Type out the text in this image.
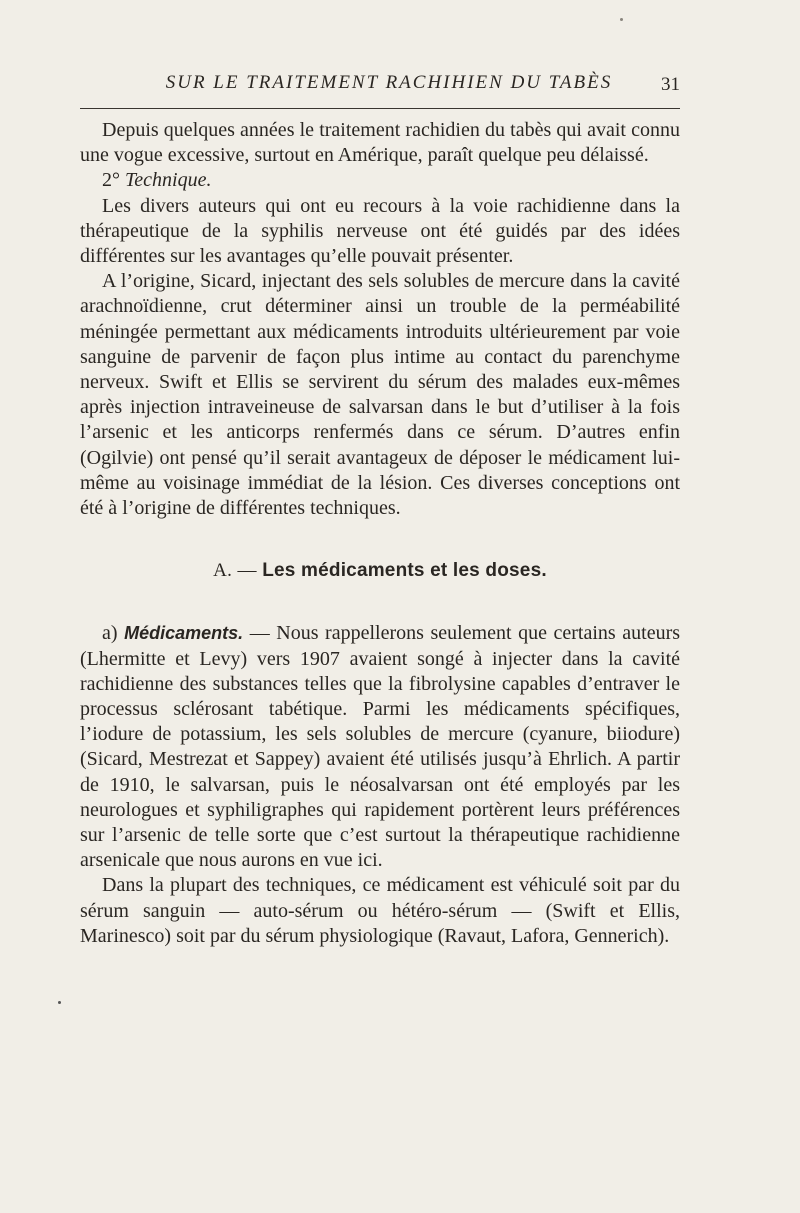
SUR LE TRAITEMENT RACHIHIEN DU TABÈS	31

Depuis quelques années le traitement rachidien du tabès qui avait connu une vogue excessive, surtout en Amérique, paraît quelque peu délaissé.

2° Technique.

Les divers auteurs qui ont eu recours à la voie rachidienne dans la thérapeutique de la syphilis nerveuse ont été guidés par des idées différentes sur les avantages qu’elle pouvait présenter.

A l’origine, Sicard, injectant des sels solubles de mercure dans la cavité arachnoïdienne, crut déterminer ainsi un trouble de la perméabilité méningée permettant aux médicaments introduits ultérieurement par voie sanguine de parvenir de façon plus intime au contact du parenchyme nerveux. Swift et Ellis se servirent du sérum des malades eux-mêmes après injection intraveineuse de salvarsan dans le but d’utiliser à la fois l’arsenic et les anticorps renfermés dans ce sérum. D’autres enfin (Ogilvie) ont pensé qu’il serait avantageux de déposer le médicament lui-même au voisinage immédiat de la lésion. Ces diverses conceptions ont été à l’origine de différentes techniques.

A. — Les médicaments et les doses.

a) Médicaments. — Nous rappellerons seulement que certains auteurs (Lhermitte et Levy) vers 1907 avaient songé à injecter dans la cavité rachidienne des substances telles que la fibrolysine capables d’entraver le processus sclérosant tabétique. Parmi les médicaments spécifiques, l’iodure de potassium, les sels solubles de mercure (cyanure, biiodure) (Sicard, Mestrezat et Sappey) avaient été utilisés jusqu’à Ehrlich. A partir de 1910, le salvarsan, puis le néosalvarsan ont été employés par les neurologues et syphiligraphes qui rapidement portèrent leurs préférences sur l’arsenic de telle sorte que c’est surtout la thérapeutique rachidienne arsenicale que nous aurons en vue ici.

Dans la plupart des techniques, ce médicament est véhiculé soit par du sérum sanguin — auto-sérum ou hétéro-sérum — (Swift et Ellis, Marinesco) soit par du sérum physiologique (Ravaut, Lafora, Gennerich).
